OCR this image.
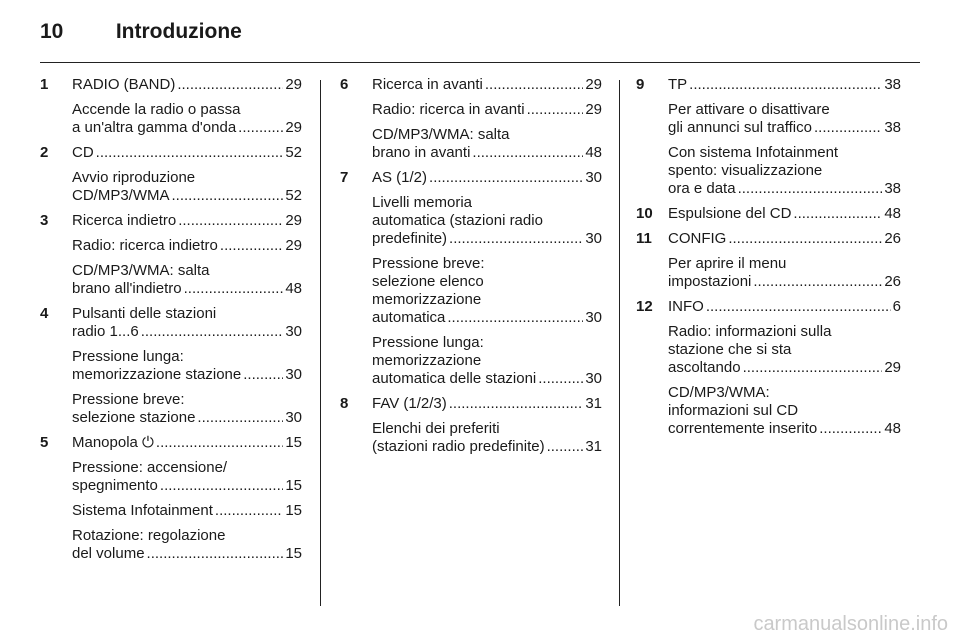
10 Introduzione
1 RADIO (BAND) .....	29
Accende la radio o passa
a un'altra gamma d'onda .....	29
2 CD .....	52
Avvio riproduzione
CD/MP3/WMA .....	52
3 Ricerca indietro .....	29
Radio: ricerca indietro .....	29
CD/MP3/WMA: salta
brano all'indietro .....	48
4 Pulsanti delle stazioni
radio 1...6 .....	30
Pressione lunga:
memorizzazione stazione .....	30
Pressione breve:
selezione stazione .....	30
5 Manopola ⏻ .....	15
Pressione: accensione/
spegnimento .....	15
Sistema Infotainment .....	15
Rotazione: regolazione
del volume .....	15
6 Ricerca in avanti .....	29
Radio: ricerca in avanti .....	29
CD/MP3/WMA: salta
brano in avanti .....	48
7 AS (1/2) .....	30
Livelli memoria
automatica (stazioni radio
predefinite) .....	30
Pressione breve:
selezione elenco
memorizzazione
automatica .....	30
Pressione lunga:
memorizzazione
automatica delle stazioni .....	30
8 FAV (1/2/3) .....	31
Elenchi dei preferiti
(stazioni radio predefinite) .....	31
9 TP .....	38
Per attivare o disattivare
gli annunci sul traffico .....	38
Con sistema Infotainment
spento: visualizzazione
ora e data .....	38
10 Espulsione del CD .....	48
11 CONFIG .....	26
Per aprire il menu
impostazioni .....	26
12 INFO .....	6
Radio: informazioni sulla
stazione che si sta
ascoltando .....	29
CD/MP3/WMA:
informazioni sul CD
correntemente inserito .....	48
carmanualsonline.info
